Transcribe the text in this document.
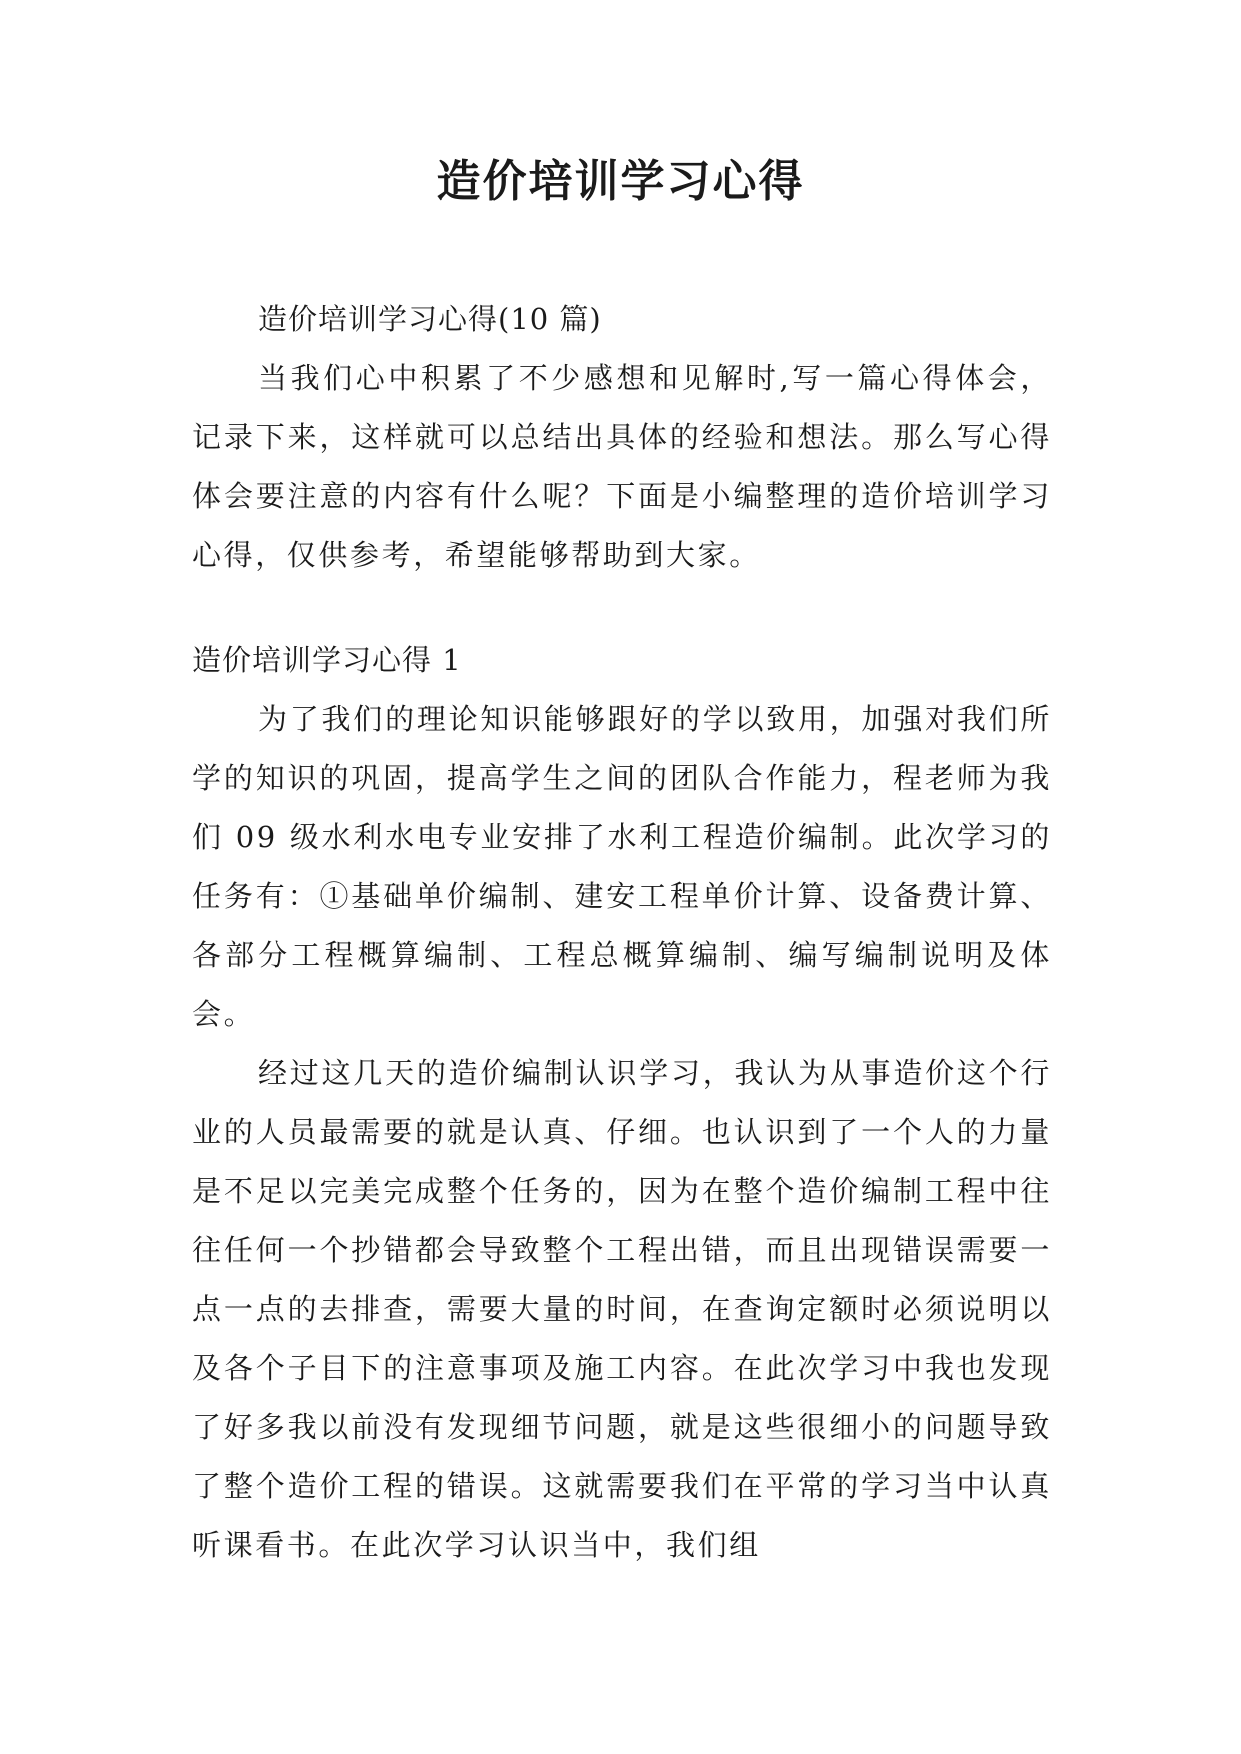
造价培训学习心得

造价培训学习心得(10 篇)

当我们心中积累了不少感想和见解时,写一篇心得体会，记录下来，这样就可以总结出具体的经验和想法。那么写心得体会要注意的内容有什么呢？下面是小编整理的造价培训学习心得，仅供参考，希望能够帮助到大家。

造价培训学习心得 1

为了我们的理论知识能够跟好的学以致用，加强对我们所学的知识的巩固，提高学生之间的团队合作能力，程老师为我们 09 级水利水电专业安排了水利工程造价编制。此次学习的任务有：①基础单价编制、建安工程单价计算、设备费计算、各部分工程概算编制、工程总概算编制、编写编制说明及体会。

经过这几天的造价编制认识学习，我认为从事造价这个行业的人员最需要的就是认真、仔细。也认识到了一个人的力量是不足以完美完成整个任务的，因为在整个造价编制工程中往往任何一个抄错都会导致整个工程出错，而且出现错误需要一点一点的去排查，需要大量的时间，在查询定额时必须说明以及各个子目下的注意事项及施工内容。在此次学习中我也发现了好多我以前没有发现细节问题，就是这些很细小的问题导致了整个造价工程的错误。这就需要我们在平常的学习当中认真听课看书。在此次学习认识当中，我们组
